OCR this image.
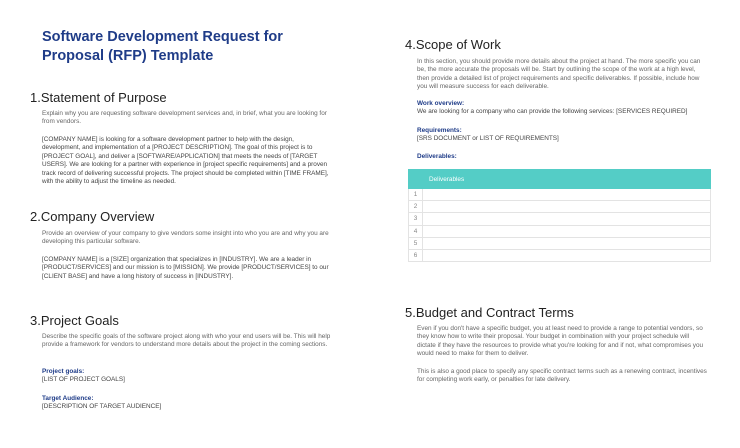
Software Development Request for Proposal (RFP) Template
1.Statement of Purpose

Explain why you are requesting software development services and, in brief, what you are looking for from vendors.

[COMPANY NAME] is looking for a software development partner to help with the design, development, and implementation of a [PROJECT DESCRIPTION]. The goal of this project is to [PROJECT GOAL], and deliver a [SOFTWARE/APPLICATION] that meets the needs of [TARGET USERS]. We are looking for a partner with experience in [project specific requirements] and a proven track record of delivering successful projects. The project should be completed within [TIME FRAME], with the ability to adjust the timeline as needed.

2.Company Overview

Provide an overview of your company to give vendors some insight into who you are and why you are developing this particular software.

[COMPANY NAME] is a [SIZE] organization that specializes in [INDUSTRY]. We are a leader in [PRODUCT/SERVICES] and our mission is to [MISSION]. We provide [PRODUCT/SERVICES] to our [CLIENT BASE] and have a long history of success in [INDUSTRY].

3.Project Goals

Describe the specific goals of the software project along with who your end users will be. This will help provide a framework for vendors to understand more details about the project in the coming sections.

Project goals:

[LIST OF PROJECT GOALS]

Target Audience:

[DESCRIPTION OF TARGET AUDIENCE]

4.Scope of Work

In this section, you should provide more details about the project at hand. The more specific you can be, the more accurate the proposals will be. Start by outlining the scope of the work at a high level, then provide a detailed list of project requirements and specific deliverables. If possible, include how you will measure success for each deliverable.

Work overview:

We are looking for a company who can provide the following services: [SERVICES REQUIRED]

Requirements:

[SRS DOCUMENT or LIST OF REQUIREMENTS]

Deliverables:

	Deliverables
1	
2	
3	
4	
5	
6	
5.Budget and Contract Terms

Even if you don't have a specific budget, you at least need to provide a range to potential vendors, so they know how to write their proposal. Your budget in combination with your project schedule will dictate if they have the resources to provide what you're looking for and if not, what compromises you would need to make for them to deliver.

This is also a good place to specify any specific contract terms such as a renewing contract, incentives for completing work early, or penalties for late delivery.
